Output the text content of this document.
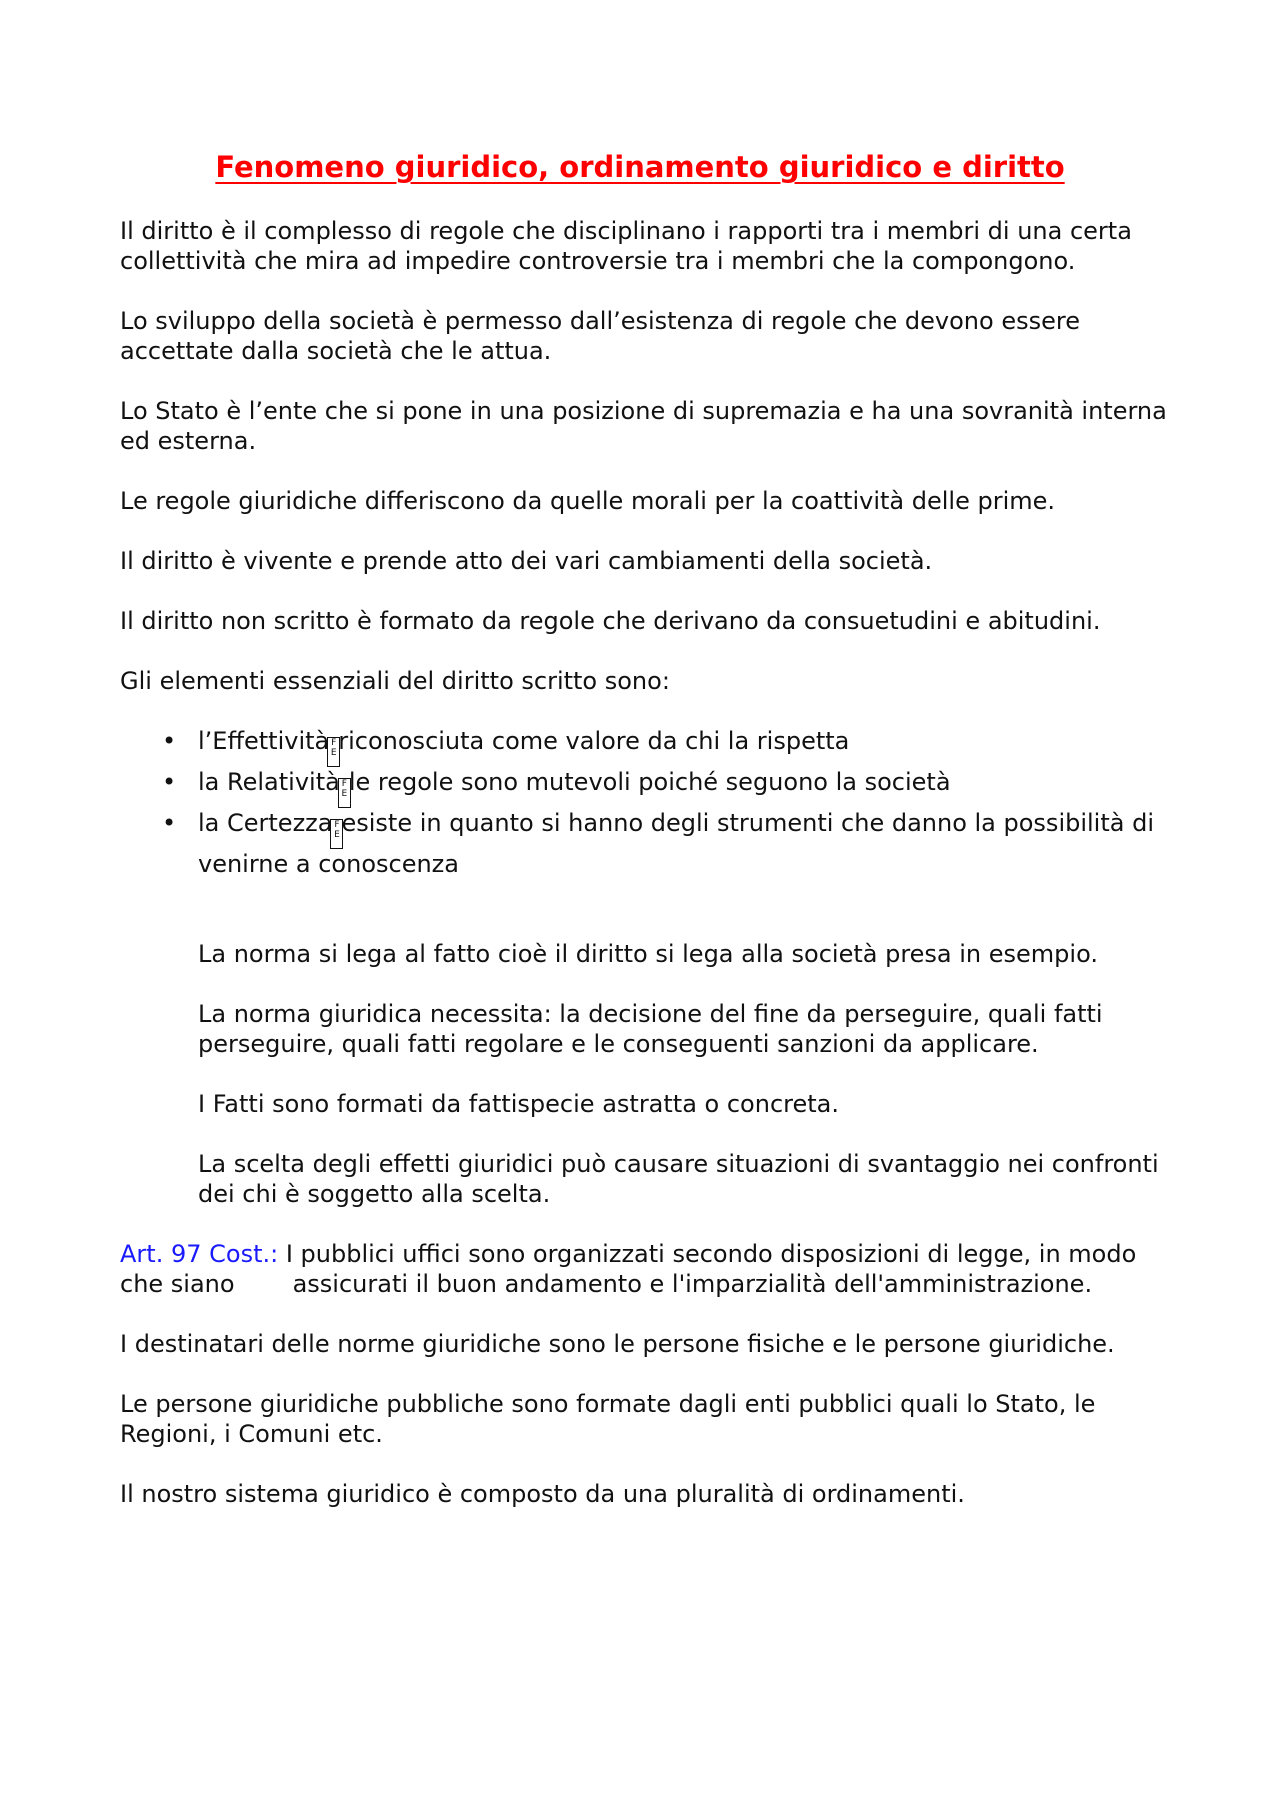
Fenomeno giuridico, ordinamento giuridico e diritto

Il diritto è il complesso di regole che disciplinano i rapporti tra i membri di una certa collettività che mira ad impedire controversie tra i membri che la compongono.

Lo sviluppo della società è permesso dall’esistenza di regole che devono essere accettate dalla società che le attua.

Lo Stato è l’ente che si pone in una posizione di supremazia e ha una sovranità interna ed esterna.

Le regole giuridiche differiscono da quelle morali per la coattività delle prime.

Il diritto è vivente e prende atto dei vari cambiamenti della società.

Il diritto non scritto è formato da regole che derivano da consuetudini e abitudini.

Gli elementi essenziali del diritto scritto sono:

• l’Effettività F
Ericonosciuta come valore da chi la rispetta
• la Relatività F
Ele regole sono mutevoli poiché seguono la società
• la Certezza F
Eesiste in quanto si hanno degli strumenti che danno la possibilità di venirne a conoscenza

La norma si lega al fatto cioè il diritto si lega alla società presa in esempio.

La norma giuridica necessita: la decisione del fine da perseguire, quali fatti perseguire, quali fatti regolare e le conseguenti sanzioni da applicare.

I Fatti sono formati da fattispecie astratta o concreta.

La scelta degli effetti giuridici può causare situazioni di svantaggio nei confronti dei chi è soggetto alla scelta.

Art. 97 Cost.: I pubblici uffici sono organizzati secondo disposizioni di legge, in modo che siano assicurati il buon andamento e l'imparzialità dell'amministrazione.

I destinatari delle norme giuridiche sono le persone fisiche e le persone giuridiche.

Le persone giuridiche pubbliche sono formate dagli enti pubblici quali lo Stato, le Regioni, i Comuni etc.

Il nostro sistema giuridico è composto da una pluralità di ordinamenti.
